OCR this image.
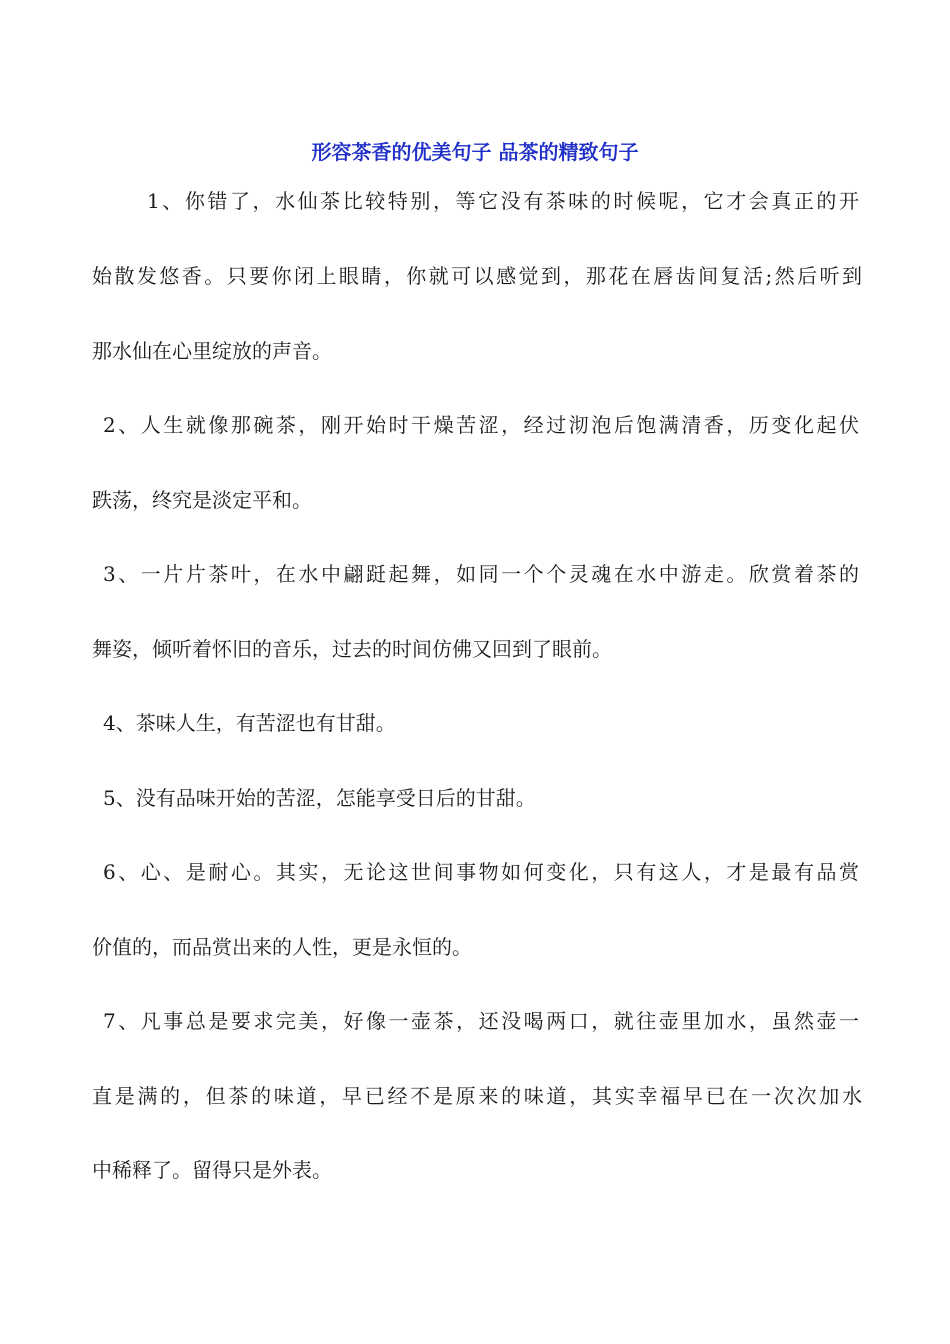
形容茶香的优美句子 品茶的精致句子
1、你错了，水仙茶比较特别，等它没有茶味的时候呢，它才会真正的开
始散发悠香。只要你闭上眼睛，你就可以感觉到，那花在唇齿间复活;然后听到
那水仙在心里绽放的声音。
2、人生就像那碗茶，刚开始时干燥苦涩，经过沏泡后饱满清香，历变化起伏
跌荡，终究是淡定平和。
3、一片片茶叶，在水中翩跹起舞，如同一个个灵魂在水中游走。欣赏着茶的
舞姿，倾听着怀旧的音乐，过去的时间仿佛又回到了眼前。
4、茶味人生，有苦涩也有甘甜。
5、没有品味开始的苦涩，怎能享受日后的甘甜。
6、心、是耐心。其实，无论这世间事物如何变化，只有这人，才是最有品赏
价值的，而品赏出来的人性，更是永恒的。
7、凡事总是要求完美，好像一壶茶，还没喝两口，就往壶里加水，虽然壶一
直是满的，但茶的味道，早已经不是原来的味道，其实幸福早已在一次次加水
中稀释了。留得只是外表。
